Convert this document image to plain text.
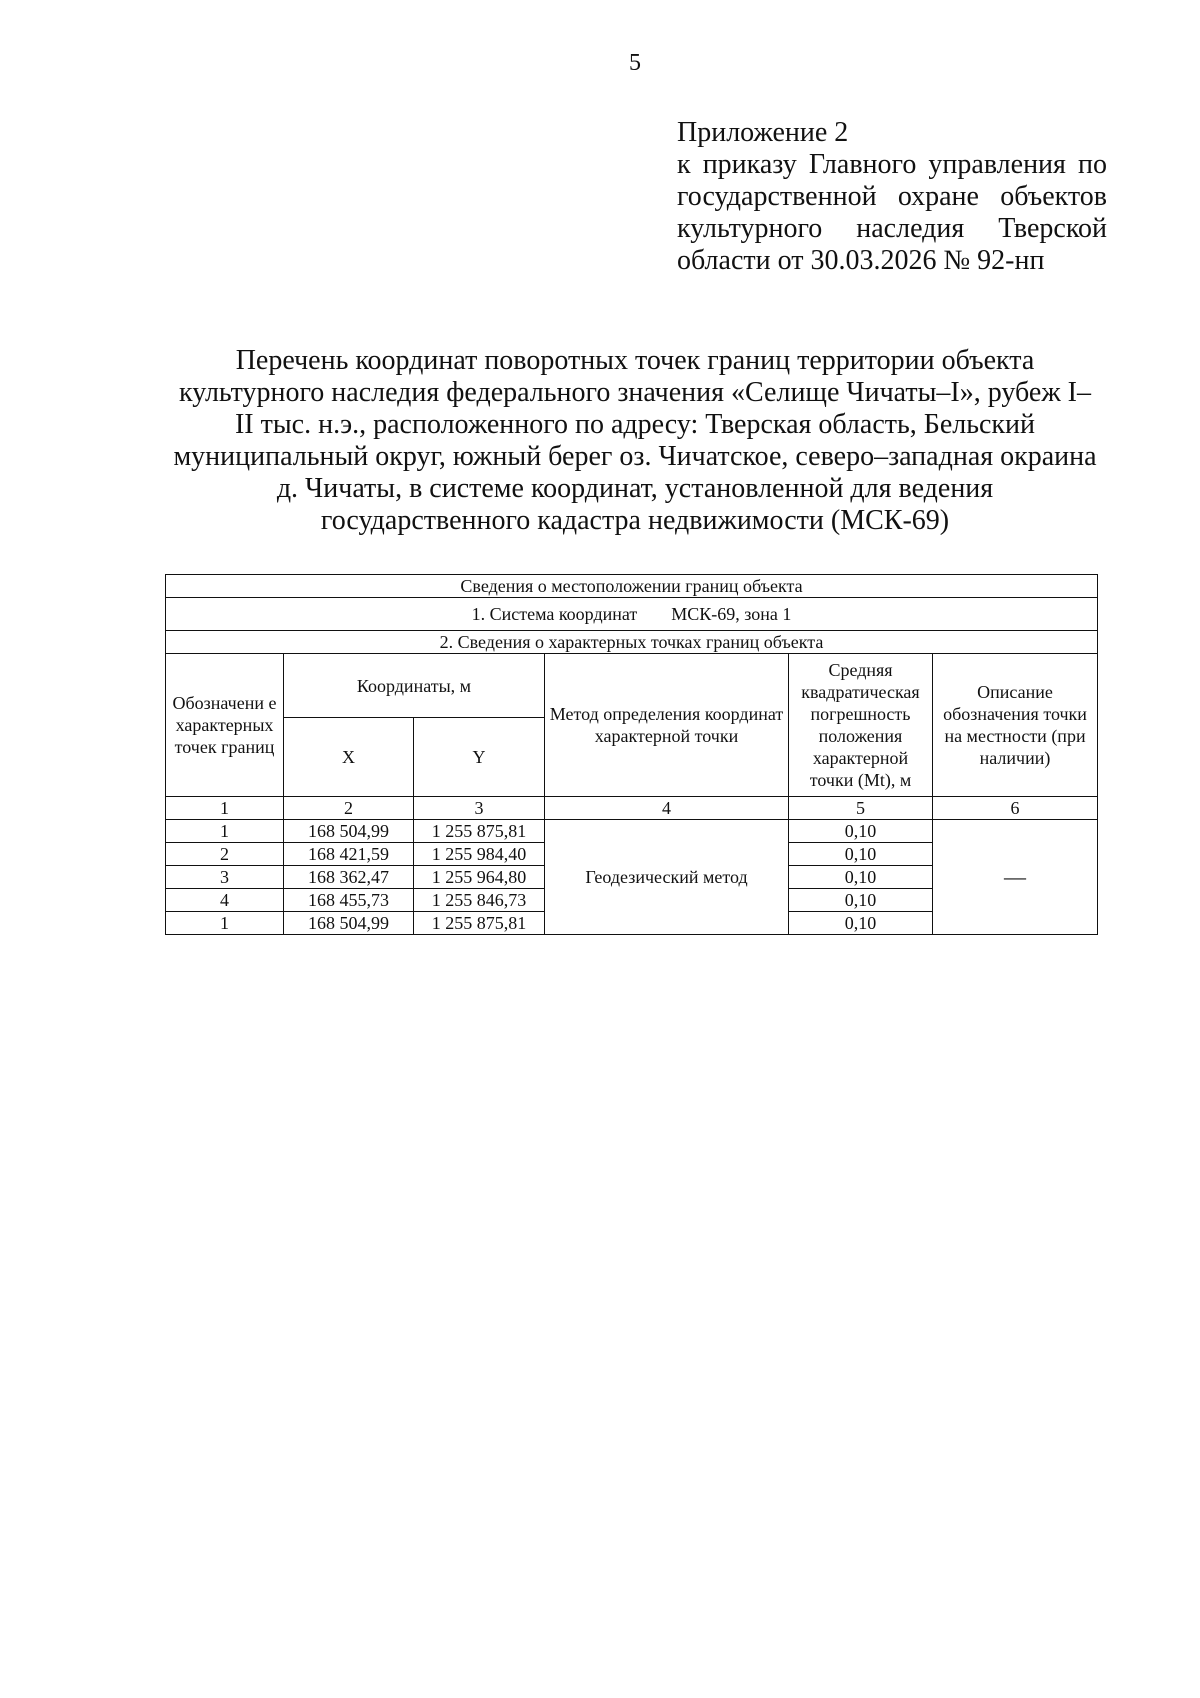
5
Приложение 2
к приказу Главного управления по
государственной охране объектов
культурного наследия Тверской
области от 30.03.2026 № 92-нп
Перечень координат поворотных точек границ территории объекта
культурного наследия федерального значения «Селище Чичаты–I», рубеж I–
II тыс. н.э., расположенного по адресу: Тверская область, Бельский
муниципальный округ, южный берег оз. Чичатское, северо–западная окраина
д. Чичаты, в системе координат, установленной для ведения
государственного кадастра недвижимости (МСК-69)
Сведения о местоположении границ объекта					
1. Система координат МСК-69, зона 1					
2. Сведения о характерных точках границ объекта					
Обозначени е характерных точек границ	Координаты, м		Метод определения координат характерной точки	Средняя квадратическая погрешность положения характерной точки (Mt), м	Описание обозначения точки на местности (при наличии)
	X	Y			
1	2	3	4	5	6
1	168 504,99	1 255 875,81	Геодезический метод	0,10	—
2	168 421,59	1 255 984,40		0,10	
3	168 362,47	1 255 964,80		0,10	
4	168 455,73	1 255 846,73		0,10	
1	168 504,99	1 255 875,81		0,10	
